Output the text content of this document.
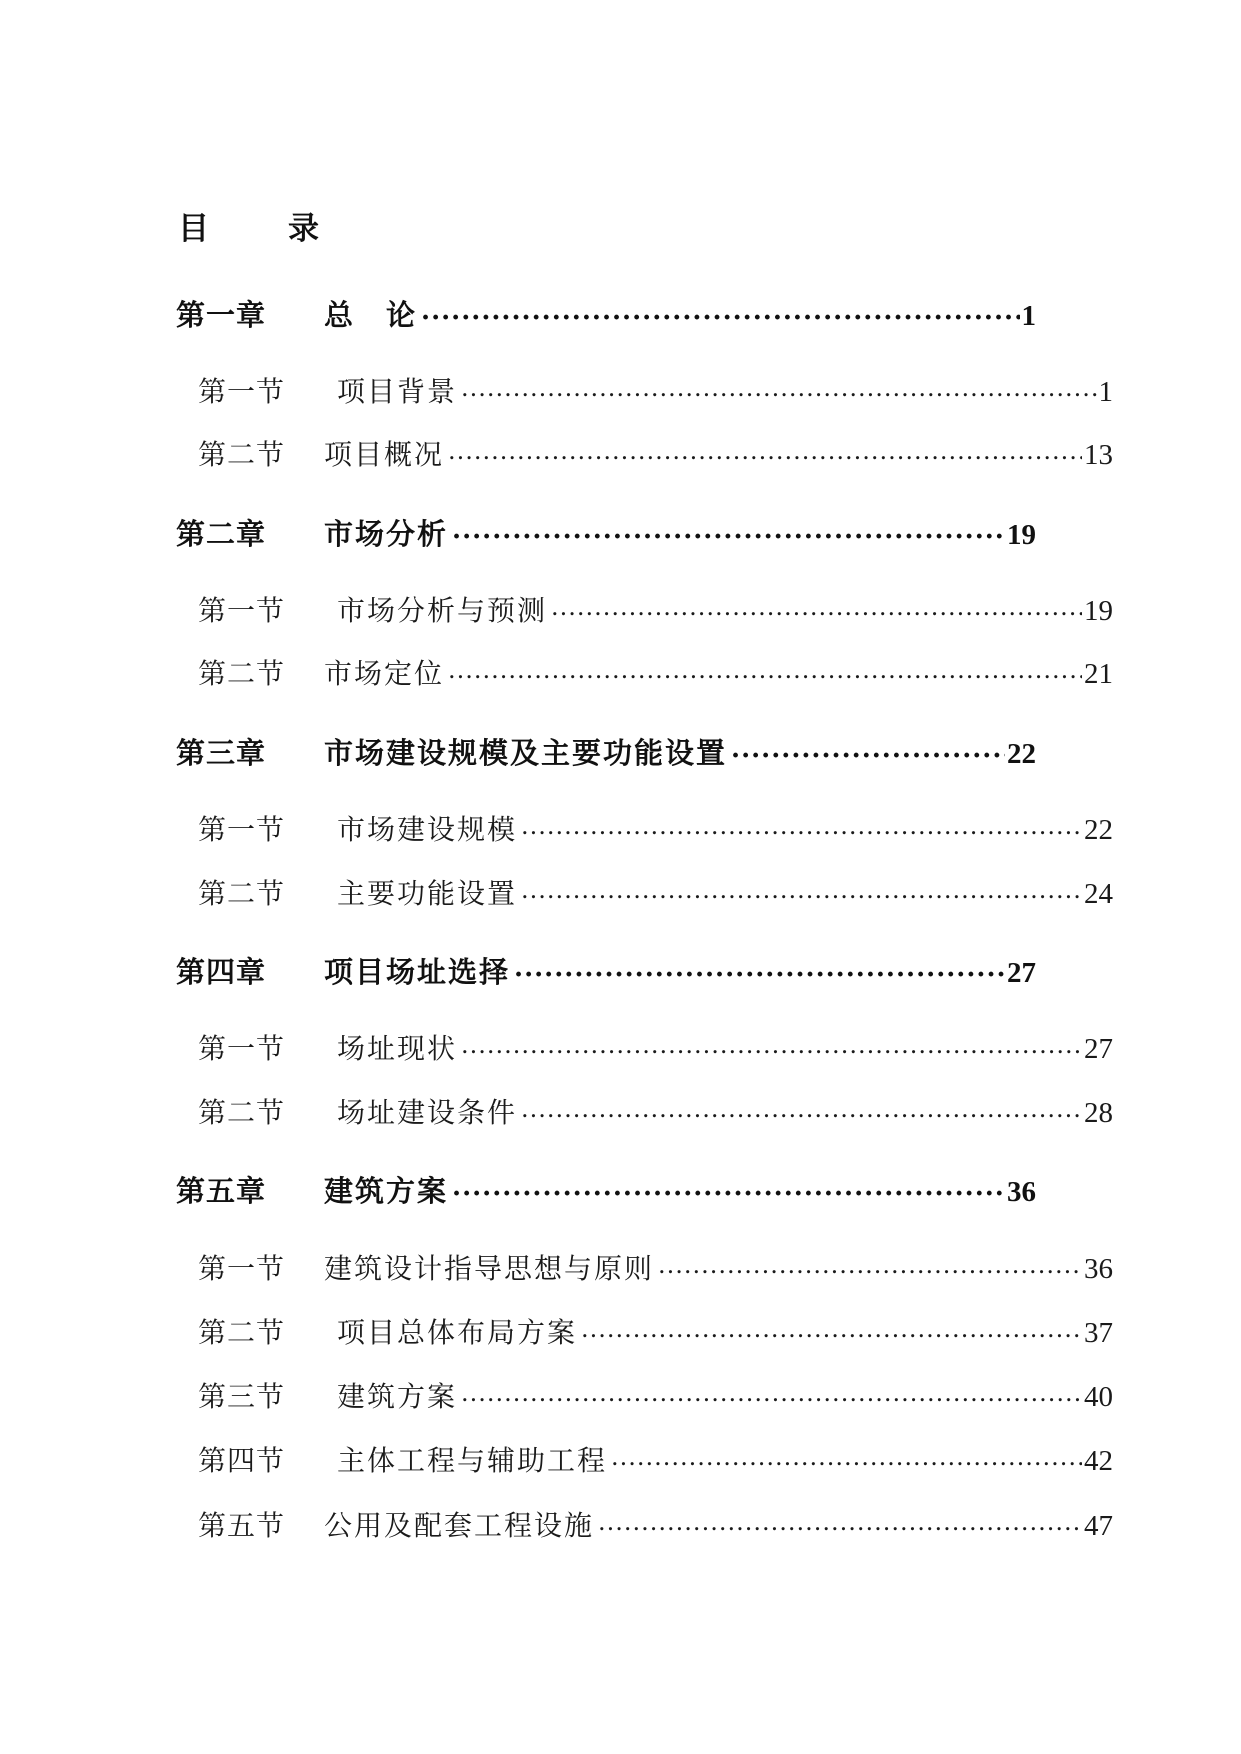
目　录
第一章	总　论 .....	1
第一节	项目背景 .....	1
第二节	项目概况 .....	13
第二章	市场分析 .....	19
第一节	市场分析与预测 .....	19
第二节	市场定位 .....	21
第三章	市场建设规模及主要功能设置 .....	22
第一节	市场建设规模 .....	22
第二节	主要功能设置 .....	24
第四章	项目场址选择 .....	27
第一节	场址现状 .....	27
第二节	场址建设条件 .....	28
第五章	建筑方案 .....	36
第一节	建筑设计指导思想与原则 .....	36
第二节	项目总体布局方案 .....	37
第三节	建筑方案 .....	40
第四节	主体工程与辅助工程 .....	42
第五节	公用及配套工程设施 .....	47
